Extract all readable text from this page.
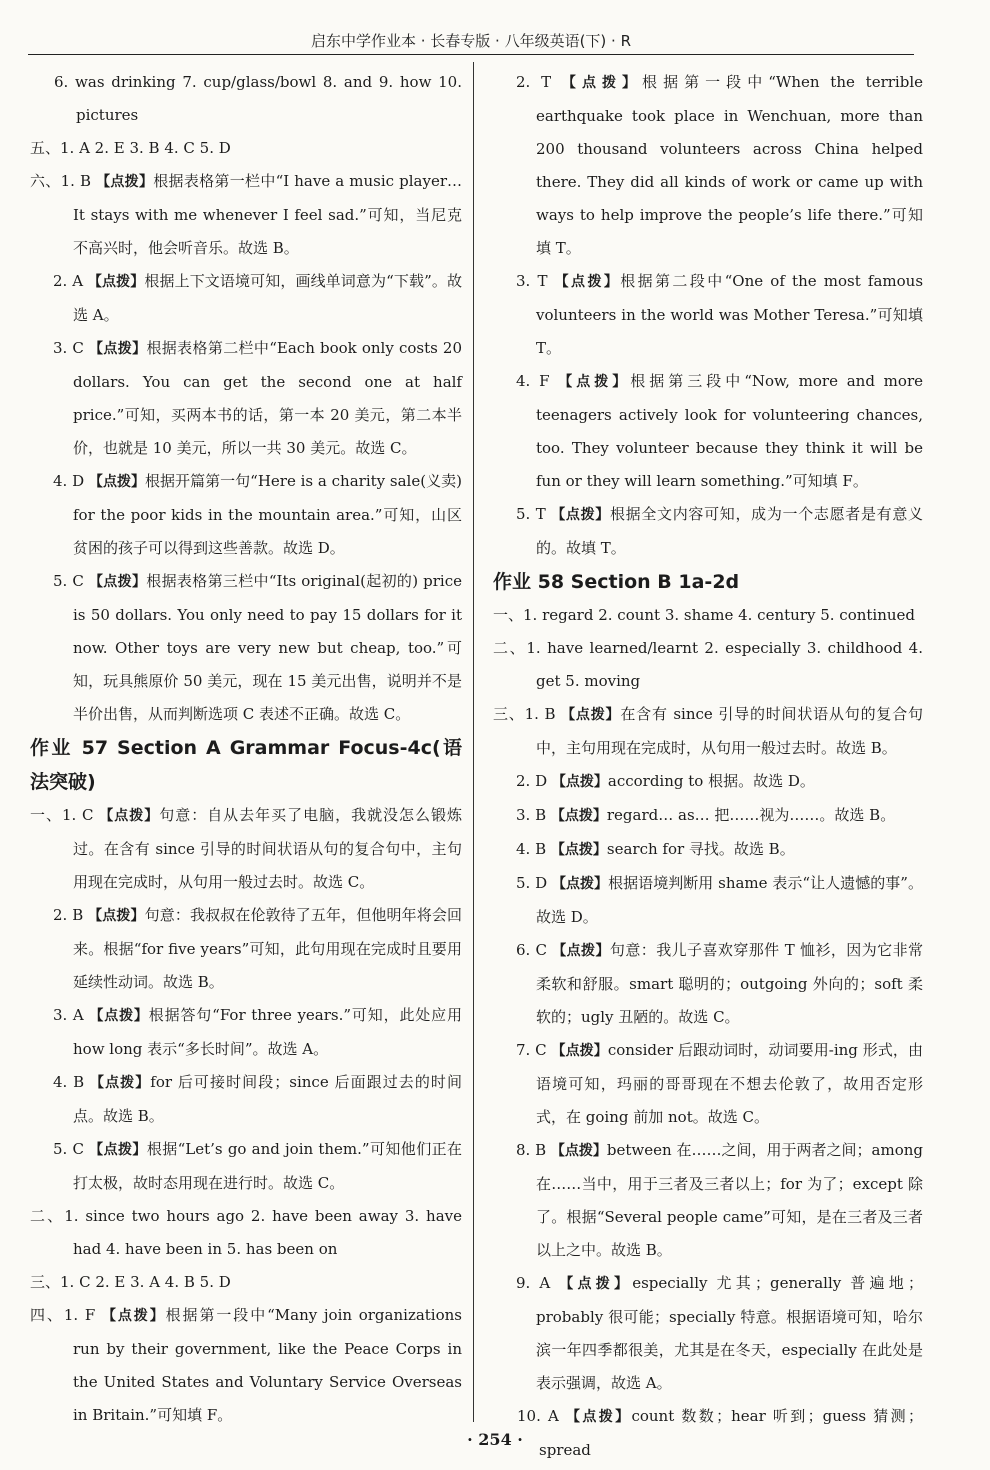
启东中学作业本 · 长春专版 · 八年级英语(下) · R
6. was drinking 7. cup/glass/bowl 8. and 9. how 10. pictures
五、1. A 2. E 3. B 4. C 5. D
六、1. B 【点拨】根据表格第一栏中“I have a music player… It stays with me whenever I feel sad.”可知，当尼克不高兴时，他会听音乐。故选 B。
2. A 【点拨】根据上下文语境可知，画线单词意为“下载”。故选 A。
3. C 【点拨】根据表格第二栏中“Each book only costs 20 dollars. You can get the second one at half price.”可知，买两本书的话，第一本 20 美元，第二本半价，也就是 10 美元，所以一共 30 美元。故选 C。
4. D 【点拨】根据开篇第一句“Here is a charity sale(义卖) for the poor kids in the mountain area.”可知，山区贫困的孩子可以得到这些善款。故选 D。
5. C 【点拨】根据表格第三栏中“Its original(起初的) price is 50 dollars. You only need to pay 15 dollars for it now. Other toys are very new but cheap, too.”可知，玩具熊原价 50 美元，现在 15 美元出售，说明并不是半价出售，从而判断选项 C 表述不正确。故选 C。
作业 57 Section A Grammar Focus-4c(语法突破)
一、1. C 【点拨】句意：自从去年买了电脑，我就没怎么锻炼过。在含有 since 引导的时间状语从句的复合句中，主句用现在完成时，从句用一般过去时。故选 C。
2. B 【点拨】句意：我叔叔在伦敦待了五年，但他明年将会回来。根据“for five years”可知，此句用现在完成时且要用延续性动词。故选 B。
3. A 【点拨】根据答句“For three years.”可知，此处应用 how long 表示“多长时间”。故选 A。
4. B 【点拨】for 后可接时间段；since 后面跟过去的时间点。故选 B。
5. C 【点拨】根据“Let’s go and join them.”可知他们正在打太极，故时态用现在进行时。故选 C。
二、1. since two hours ago 2. have been away 3. have had 4. have been in 5. has been on
三、1. C 2. E 3. A 4. B 5. D
四、1. F 【点拨】根据第一段中“Many join organizations run by their government, like the Peace Corps in the United States and Voluntary Service Overseas in Britain.”可知填 F。
2. T 【点拨】根据第一段中“When the terrible earthquake took place in Wenchuan, more than 200 thousand volunteers across China helped there. They did all kinds of work or came up with ways to help improve the people’s life there.”可知填 T。
3. T 【点拨】根据第二段中“One of the most famous volunteers in the world was Mother Teresa.”可知填 T。
4. F 【点拨】根据第三段中“Now, more and more teenagers actively look for volunteering chances, too. They volunteer because they think it will be fun or they will learn something.”可知填 F。
5. T 【点拨】根据全文内容可知，成为一个志愿者是有意义的。故填 T。
作业 58 Section B 1a-2d
一、1. regard 2. count 3. shame 4. century 5. continued
二、1. have learned/learnt 2. especially 3. childhood 4. get 5. moving
三、1. B 【点拨】在含有 since 引导的时间状语从句的复合句中，主句用现在完成时，从句用一般过去时。故选 B。
2. D 【点拨】according to 根据。故选 D。
3. B 【点拨】regard… as… 把……视为……。故选 B。
4. B 【点拨】search for 寻找。故选 B。
5. D 【点拨】根据语境判断用 shame 表示“让人遗憾的事”。故选 D。
6. C 【点拨】句意：我儿子喜欢穿那件 T 恤衫，因为它非常柔软和舒服。smart 聪明的；outgoing 外向的；soft 柔软的；ugly 丑陋的。故选 C。
7. C 【点拨】consider 后跟动词时，动词要用-ing 形式，由语境可知，玛丽的哥哥现在不想去伦敦了，故用否定形式，在 going 前加 not。故选 C。
8. B 【点拨】between 在……之间，用于两者之间；among 在……当中，用于三者及三者以上；for 为了；except 除了。根据“Several people came”可知，是在三者及三者以上之中。故选 B。
9. A 【点拨】especially 尤其；generally 普遍地；probably 很可能；specially 特意。根据语境可知，哈尔滨一年四季都很美，尤其是在冬天，especially 在此处是表示强调，故选 A。
10. A 【点拨】count 数数；hear 听到；guess 猜测；spread
· 254 ·
